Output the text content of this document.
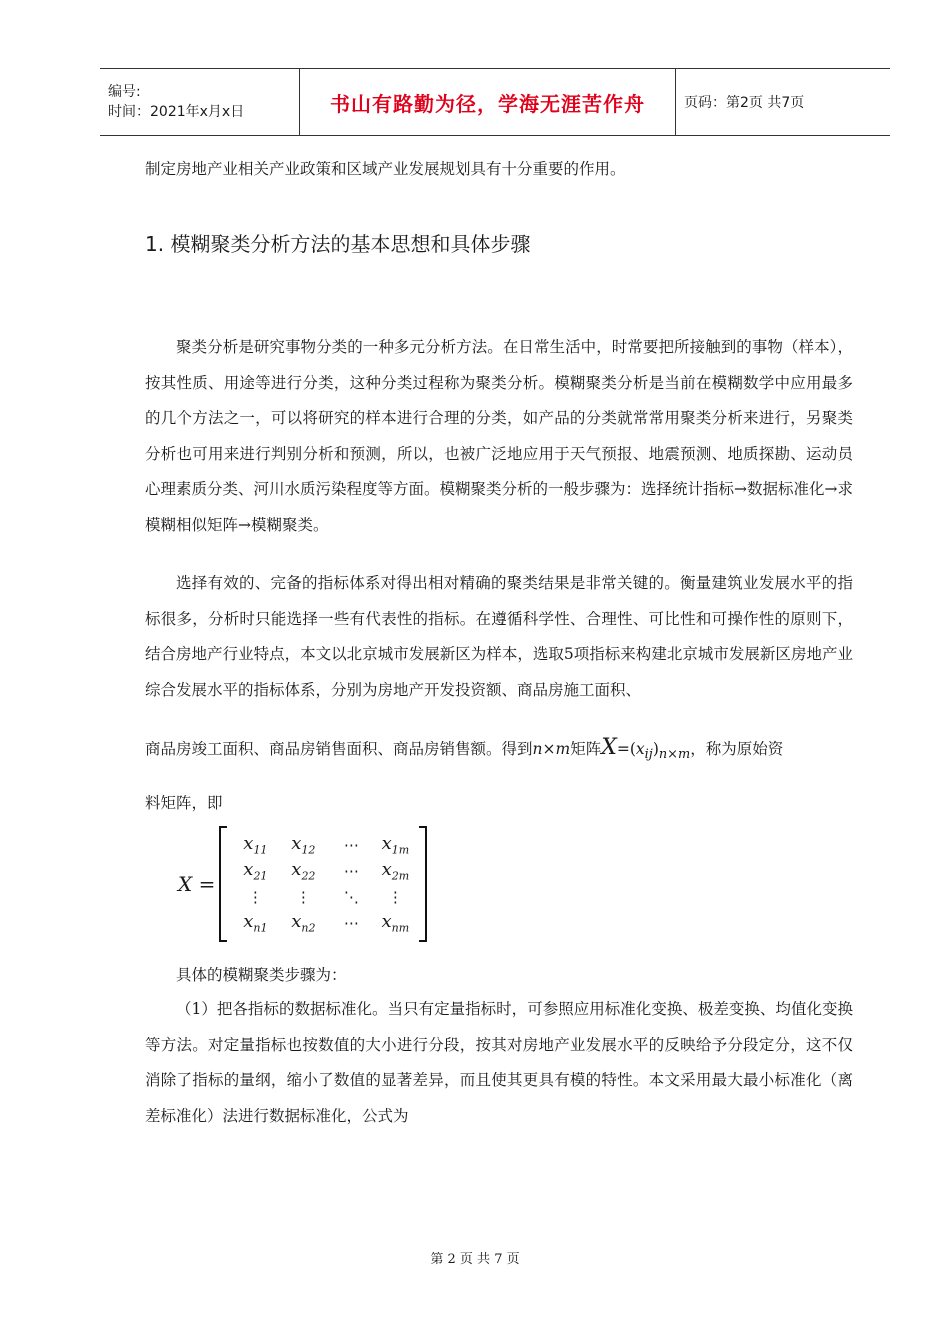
编号:
时间：2021年x月x日	书山有路勤为径，学海无涯苦作舟	页码：第2页 共7页

制定房地产业相关产业政策和区域产业发展规划具有十分重要的作用。

1. 模糊聚类分析方法的基本思想和具体步骤

聚类分析是研究事物分类的一种多元分析方法。在日常生活中，时常要把所接触到的事物（样本），按其性质、用途等进行分类，这种分类过程称为聚类分析。模糊聚类分析是当前在模糊数学中应用最多的几个方法之一，可以将研究的样本进行合理的分类，如产品的分类就常常用聚类分析来进行，另聚类分析也可用来进行判别分析和预测，所以，也被广泛地应用于天气预报、地震预测、地质探勘、运动员心理素质分类、河川水质污染程度等方面。模糊聚类分析的一般步骤为：选择统计指标→数据标准化→求模糊相似矩阵→模糊聚类。

选择有效的、完备的指标体系对得出相对精确的聚类结果是非常关键的。衡量建筑业发展水平的指标很多，分析时只能选择一些有代表性的指标。在遵循科学性、合理性、可比性和可操作性的原则下，结合房地产行业特点，本文以北京城市发展新区为样本，选取5项指标来构建北京城市发展新区房地产业综合发展水平的指标体系，分别为房地产开发投资额、商品房施工面积、

商品房竣工面积、商品房销售面积、商品房销售额。得到n×m矩阵$X=(x_{ij})_{n\times m}$，称为原始资

料矩阵，即

X =
$x_{11}$	$x_{12}$	⋯	$x_{1m}$
$x_{21}$	$x_{22}$	⋯	$x_{2m}$
⋮	⋮	⋱	⋮
$x_{n1}$	$x_{n2}$	⋯	$x_{nm}$

具体的模糊聚类步骤为：

（1）把各指标的数据标准化。当只有定量指标时，可参照应用标准化变换、极差变换、均值化变换等方法。对定量指标也按数值的大小进行分段，按其对房地产业发展水平的反映给予分段定分，这不仅消除了指标的量纲，缩小了数值的显著差异，而且使其更具有模的特性。本文采用最大最小标准化（离差标准化）法进行数据标准化，公式为

第 2 页 共 7 页
